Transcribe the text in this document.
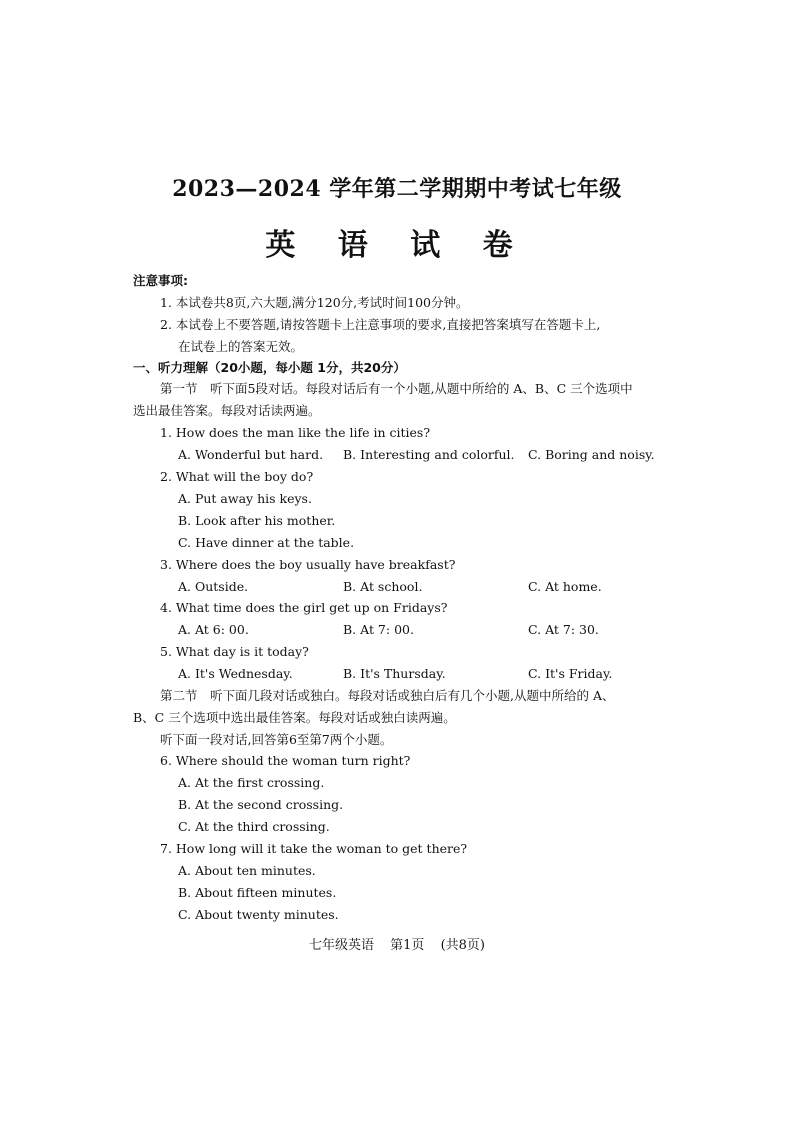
2023—2024 学年第二学期期中考试七年级
英 语 试 卷
注意事项:
1. 本试卷共8页,六大题,满分120分,考试时间100分钟。
2. 本试卷上不要答题,请按答题卡上注意事项的要求,直接把答案填写在答题卡上,
在试卷上的答案无效。
一、听力理解（20小题，每小题 1分，共20分）
第一节　听下面5段对话。每段对话后有一个小题,从题中所给的 A、B、C 三个选项中
选出最佳答案。每段对话读两遍。
1. How does the man like the life in cities?
A. Wonderful but hard. B. Interesting and colorful. C. Boring and noisy.
2. What will the boy do?
A. Put away his keys.
B. Look after his mother.
C. Have dinner at the table.
3. Where does the boy usually have breakfast?
A. Outside.	B. At school.	C. At home.
4. What time does the girl get up on Fridays?
A. At 6: 00.	B. At 7: 00.	C. At 7: 30.
5. What day is it today?
A. It's Wednesday.	B. It's Thursday.	C. It's Friday.
第二节　听下面几段对话或独白。每段对话或独白后有几个小题,从题中所给的 A、
B、C 三个选项中选出最佳答案。每段对话或独白读两遍。
听下面一段对话,回答第6至第7两个小题。
6. Where should the woman turn right?
A. At the first crossing.
B. At the second crossing.
C. At the third crossing.
7. How long will it take the woman to get there?
A. About ten minutes.
B. About fifteen minutes.
C. About twenty minutes.
七年级英语 第1页 (共8页)
